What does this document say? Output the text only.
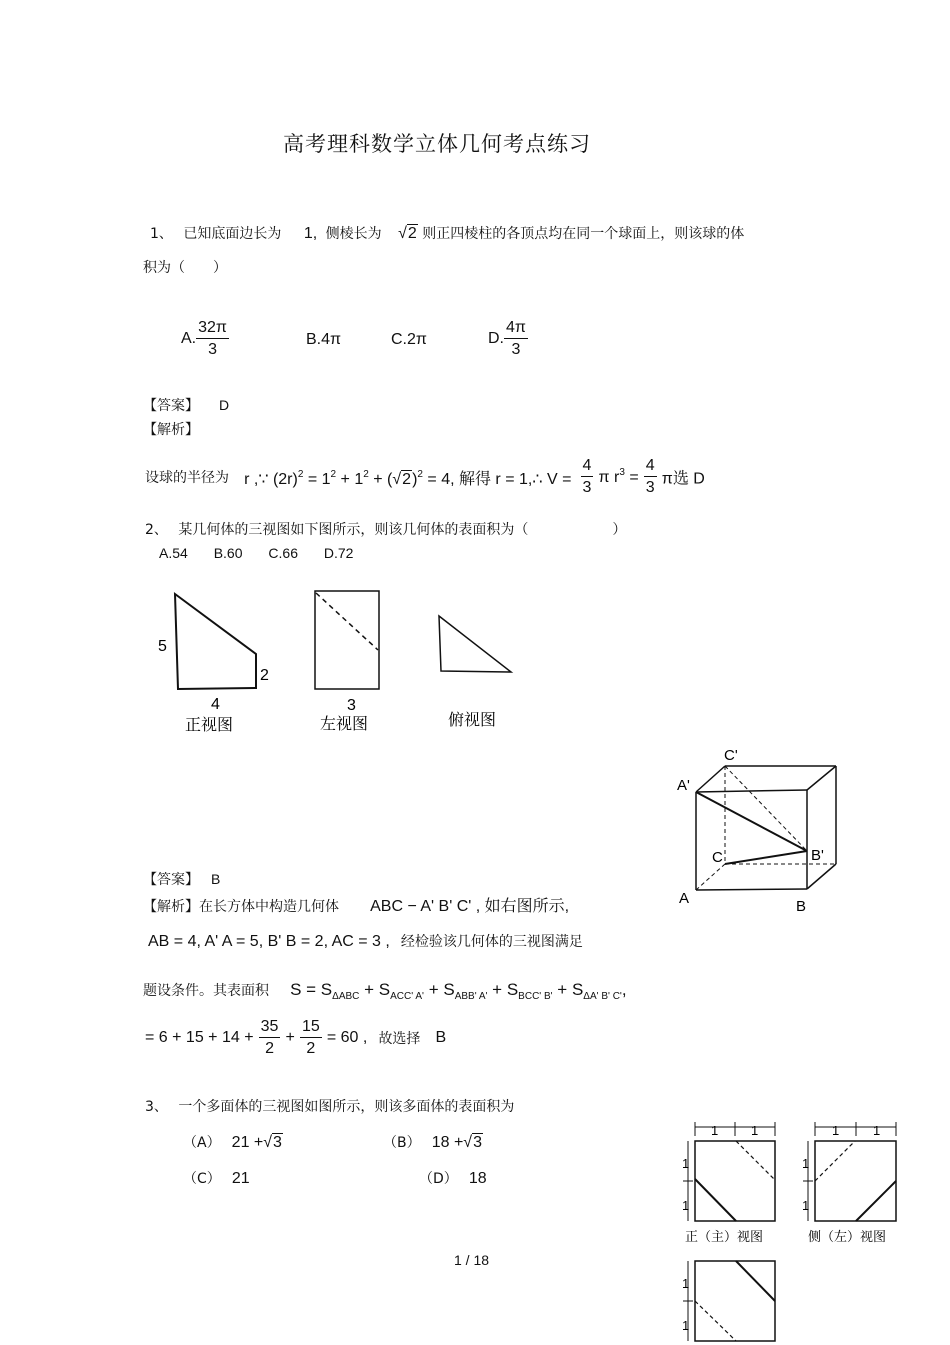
高考理科数学立体几何考点练习
1、 已知底面边长为 1, 侧棱长为 √2 则正四棱柱的各顶点均在同一个球面上，则该球的体
积为（　　）
A. $\frac{32\pi}{3}$	B.4π	C.2π	D. $\frac{4\pi}{3}$
【答案】 D
【解析】
设球的半径为 r ,∵ $(2r)^2 = 1^2 + 1^2 + (√2)^2 = 4$, 解得 r = 1,∴ $V = \frac{4}{3}$ π $r^3 = \frac{4}{3}$ π选 D
2、 某几何体的三视图如下图所示，则该几何体的表面积为（　　　　　　）
A.54 B.60 C.66 D.72
5
2
4
正视图
3
左视图	俯视图
C'
A'
C	B'
A	B
【答案】 B
【解析】在长方体中构造几何体 ABC − A' B' C' , 如右图所示,
AB = 4, A' A = 5, B' B = 2, AC = 3 , 经检验该几何体的三视图满足
题设条件。其表面积 $S = S_{\Delta ABC} + S_{ACC' A'} + S_{ABB' A'} + S_{BCC' B'} + S_{\Delta A' B' C'}$,
= $6 + 15 + 14 + \frac{35}{2} + \frac{15}{2} = 60$ , 故选择 B
3、 一个多面体的三视图如图所示，则该多面体的表面积为
（A） 21 +√3	（B） 18 +√3
（C） 21	（D） 18
1	1
1
1
正（主）视图
1	1
1
1
侧（左）视图
1
1
1 / 18
